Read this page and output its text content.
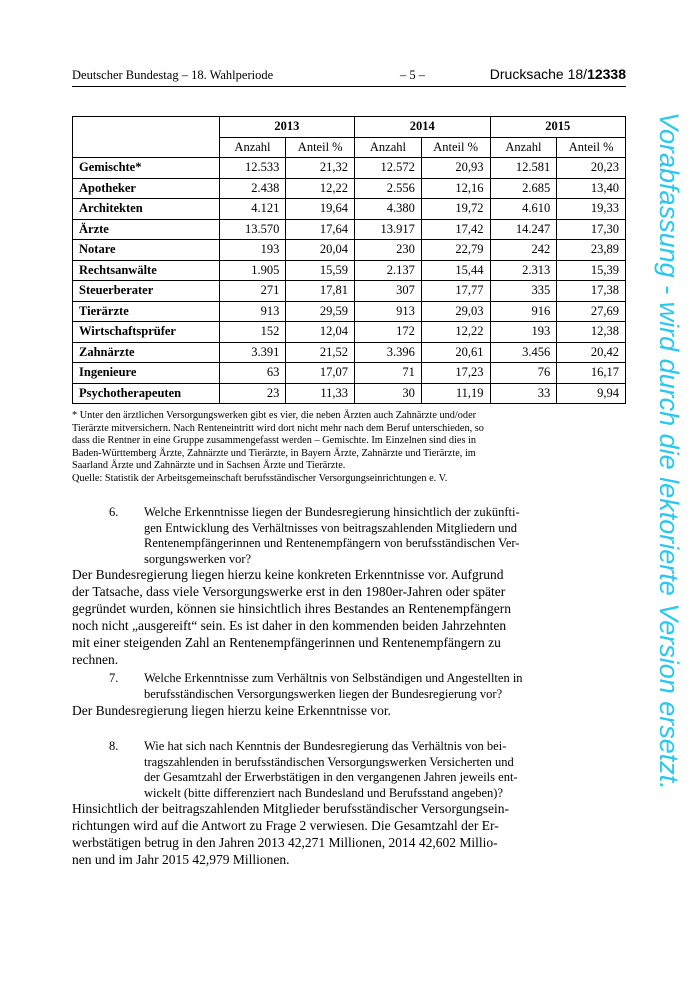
Deutscher Bundestag – 18. Wahlperiode	– 5 –	Drucksache 18/12338
	2013		2014		2015	
	Anzahl	Anteil %	Anzahl	Anteil %	Anzahl	Anteil %
Gemischte*	12.533	21,32	12.572	20,93	12.581	20,23
Apotheker	2.438	12,22	2.556	12,16	2.685	13,40
Architekten	4.121	19,64	4.380	19,72	4.610	19,33
Ärzte	13.570	17,64	13.917	17,42	14.247	17,30
Notare	193	20,04	230	22,79	242	23,89
Rechtsanwälte	1.905	15,59	2.137	15,44	2.313	15,39
Steuerberater	271	17,81	307	17,77	335	17,38
Tierärzte	913	29,59	913	29,03	916	27,69
Wirtschaftsprüfer	152	12,04	172	12,22	193	12,38
Zahnärzte	3.391	21,52	3.396	20,61	3.456	20,42
Ingenieure	63	17,07	71	17,23	76	16,17
Psychotherapeuten	23	11,33	30	11,19	33	9,94

* Unter den ärztlichen Versorgungswerken gibt es vier, die neben Ärzten auch Zahnärzte und/oder

Tierärzte mitversichern. Nach Renteneintritt wird dort nicht mehr nach dem Beruf unterschieden, so

dass die Rentner in eine Gruppe zusammengefasst werden – Gemischte. Im Einzelnen sind dies in

Baden-Württemberg Ärzte, Zahnärzte und Tierärzte, in Bayern Ärzte, Zahnärzte und Tierärzte, im

Saarland Ärzte und Zahnärzte und in Sachsen Ärzte und Tierärzte.

Quelle: Statistik der Arbeitsgemeinschaft berufsständischer Versorgungseinrichtungen e. V.

6. Welche Erkenntnisse liegen der Bundesregierung hinsichtlich der zukünfti-
gen Entwicklung des Verhältnisses von beitragszahlenden Mitgliedern und
Rentenempfängerinnen und Rentenempfängern von berufsständischen Ver-
sorgungswerken vor?
Der Bundesregierung liegen hierzu keine konkreten Erkenntnisse vor. Aufgrund
der Tatsache, dass viele Versorgungswerke erst in den 1980er-Jahren oder später
gegründet wurden, können sie hinsichtlich ihres Bestandes an Rentenempfängern
noch nicht „ausgereift“ sein. Es ist daher in den kommenden beiden Jahrzehnten
mit einer steigenden Zahl an Rentenempfängerinnen und Rentenempfängern zu
rechnen.
7. Welche Erkenntnisse zum Verhältnis von Selbständigen und Angestellten in
berufsständischen Versorgungswerken liegen der Bundesregierung vor?
Der Bundesregierung liegen hierzu keine Erkenntnisse vor.
8. Wie hat sich nach Kenntnis der Bundesregierung das Verhältnis von bei-
tragszahlenden in berufsständischen Versorgungswerken Versicherten und
der Gesamtzahl der Erwerbstätigen in den vergangenen Jahren jeweils ent-
wickelt (bitte differenziert nach Bundesland und Berufsstand angeben)?
Hinsichtlich der beitragszahlenden Mitglieder berufsständischer Versorgungsein-
richtungen wird auf die Antwort zu Frage 2 verwiesen. Die Gesamtzahl der Er-
werbstätigen betrug in den Jahren 2013 42,271 Millionen, 2014 42,602 Millio-
nen und im Jahr 2015 42,979 Millionen.
Vorabfassung - wird durch die lektorierte Version ersetzt.
